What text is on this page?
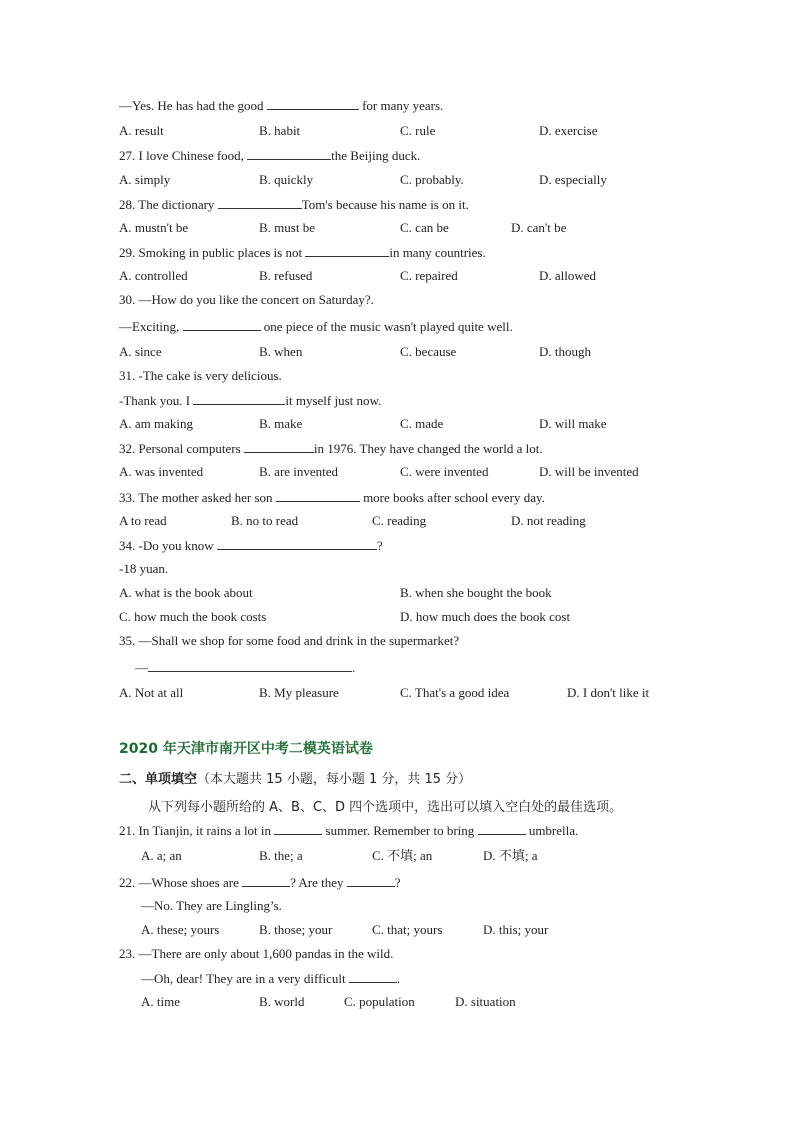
—Yes. He has had the good	for many years.
A. result	B. habit	C. rule	D. exercise
27. I love Chinese food,	the Beijing duck.
A. simply	B. quickly	C. probably.	D. especially
28. The dictionary	Tom's because his name is on it.
A. mustn't be	B. must be	C. can be	D. can't be
29. Smoking in public places is not	in many countries.
A. controlled	B. refused	C. repaired	D. allowed
30. —How do you like the concert on Saturday?.
—Exciting,	one piece of the music wasn't played quite well.
A. since	B. when	C. because	D. though
31. -The cake is very delicious.
-Thank you. I	it myself just now.
A. am making	B. make	C. made	D. will make
32. Personal computers	in 1976. They have changed the world a lot.
A. was invented	B. are invented	C. were invented	D. will be invented
33. The mother asked her son	more books after school every day.
A to read	B. no to read	C. reading	D. not reading
34. -Do you know	?
-18 yuan.
A. what is the book about	B. when she bought the book
C. how much the book costs	D. how much does the book cost
35. —Shall we shop for some food and drink in the supermarket?
—	.
A. Not at all	B. My pleasure	C. That's a good idea	D. I don't like it
2020 年天津市南开区中考二模英语试卷
二、单项填空（本大题共 15 小题，每小题 1 分，共 15 分）
从下列每小题所给的 A、B、C、D 四个选项中，选出可以填入空白处的最佳选项。
21. In Tianjin, it rains a lot in	summer. Remember to bring	umbrella.
A. a; an	B. the; a	C. 不填; an	D. 不填; a
22. —Whose shoes are	? Are they	?
—No. They are Lingling’s.
A. these; yours	B. those; your	C. that; yours	D. this; your
23. —There are only about 1,600 pandas in the wild.
—Oh, dear! They are in a very difficult	.
A. time	B. world	C. population	D. situation
